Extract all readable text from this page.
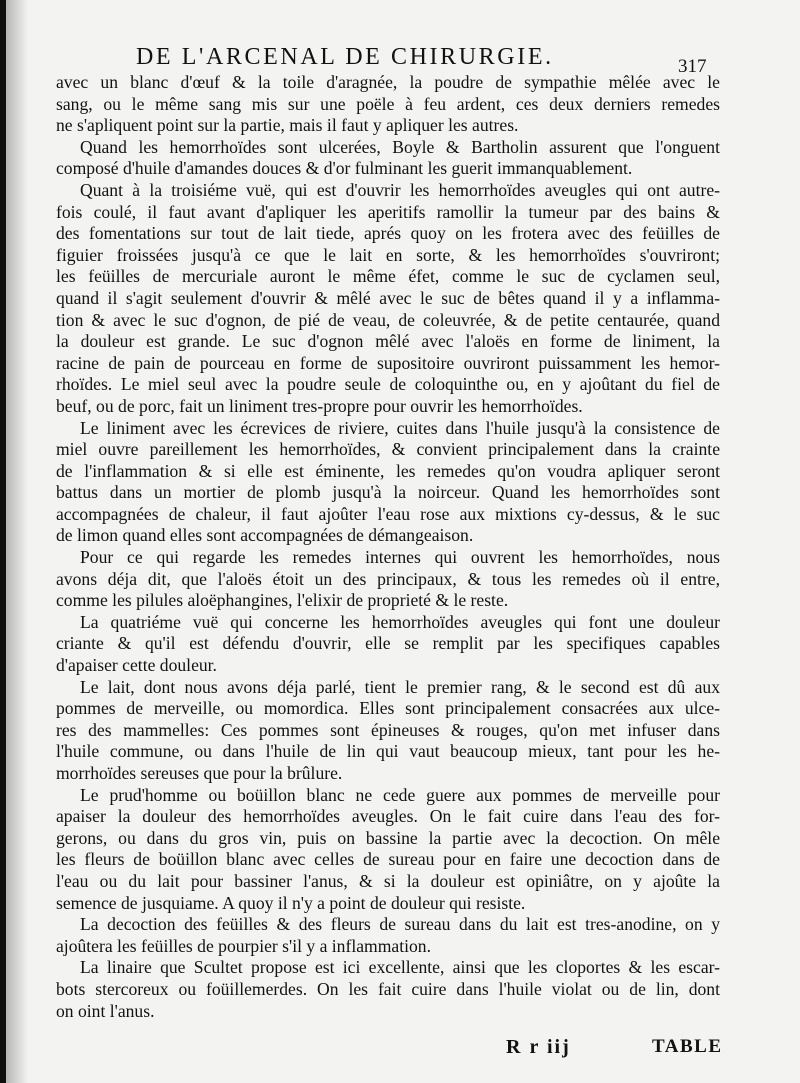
DE L'ARCENAL DE CHIRURGIE.	317
avec un blanc d'œuf & la toile d'aragnée, la poudre de sympathie mêlée avec le
sang, ou le même sang mis sur une poële à feu ardent, ces deux derniers remedes
ne s'apliquent point sur la partie, mais il faut y apliquer les autres.
Quand les hemorrhoïdes sont ulcerées, Boyle & Bartholin assurent que l'onguent
composé d'huile d'amandes douces & d'or fulminant les guerit immanquablement.
Quant à la troisiéme vuë, qui est d'ouvrir les hemorrhoïdes aveugles qui ont autre-
fois coulé, il faut avant d'apliquer les aperitifs ramollir la tumeur par des bains &
des fomentations sur tout de lait tiede, aprés quoy on les frotera avec des feüilles de
figuier froissées jusqu'à ce que le lait en sorte, & les hemorrhoïdes s'ouvriront;
les feüilles de mercuriale auront le même éfet, comme le suc de cyclamen seul,
quand il s'agit seulement d'ouvrir & mêlé avec le suc de bêtes quand il y a inflamma-
tion & avec le suc d'ognon, de pié de veau, de coleuvrée, & de petite centaurée, quand
la douleur est grande. Le suc d'ognon mêlé avec l'aloës en forme de liniment, la
racine de pain de pourceau en forme de supositoire ouvriront puissamment les hemor-
rhoïdes. Le miel seul avec la poudre seule de coloquinthe ou, en y ajoûtant du fiel de
beuf, ou de porc, fait un liniment tres-propre pour ouvrir les hemorrhoïdes.
Le liniment avec les écrevices de riviere, cuites dans l'huile jusqu'à la consistence de
miel ouvre pareillement les hemorrhoïdes, & convient principalement dans la crainte
de l'inflammation & si elle est éminente, les remedes qu'on voudra apliquer seront
battus dans un mortier de plomb jusqu'à la noirceur. Quand les hemorrhoïdes sont
accompagnées de chaleur, il faut ajoûter l'eau rose aux mixtions cy-dessus, & le suc
de limon quand elles sont accompagnées de démangeaison.
Pour ce qui regarde les remedes internes qui ouvrent les hemorrhoïdes, nous
avons déja dit, que l'aloës étoit un des principaux, & tous les remedes où il entre,
comme les pilules aloëphangines, l'elixir de proprieté & le reste.
La quatriéme vuë qui concerne les hemorrhoïdes aveugles qui font une douleur
criante & qu'il est défendu d'ouvrir, elle se remplit par les specifiques capables
d'apaiser cette douleur.
Le lait, dont nous avons déja parlé, tient le premier rang, & le second est dû aux
pommes de merveille, ou momordica. Elles sont principalement consacrées aux ulce-
res des mammelles: Ces pommes sont épineuses & rouges, qu'on met infuser dans
l'huile commune, ou dans l'huile de lin qui vaut beaucoup mieux, tant pour les he-
morrhoïdes sereuses que pour la brûlure.
Le prud'homme ou boüillon blanc ne cede guere aux pommes de merveille pour
apaiser la douleur des hemorrhoïdes aveugles. On le fait cuire dans l'eau des for-
gerons, ou dans du gros vin, puis on bassine la partie avec la decoction. On mêle
les fleurs de boüillon blanc avec celles de sureau pour en faire une decoction dans de
l'eau ou du lait pour bassiner l'anus, & si la douleur est opiniâtre, on y ajoûte la
semence de jusquiame. A quoy il n'y a point de douleur qui resiste.
La decoction des feüilles & des fleurs de sureau dans du lait est tres-anodine, on y
ajoûtera les feüilles de pourpier s'il y a inflammation.
La linaire que Scultet propose est ici excellente, ainsi que les cloportes & les escar-
bots stercoreux ou foüillemerdes. On les fait cuire dans l'huile violat ou de lin, dont
on oint l'anus.
R r iij	TABLE
